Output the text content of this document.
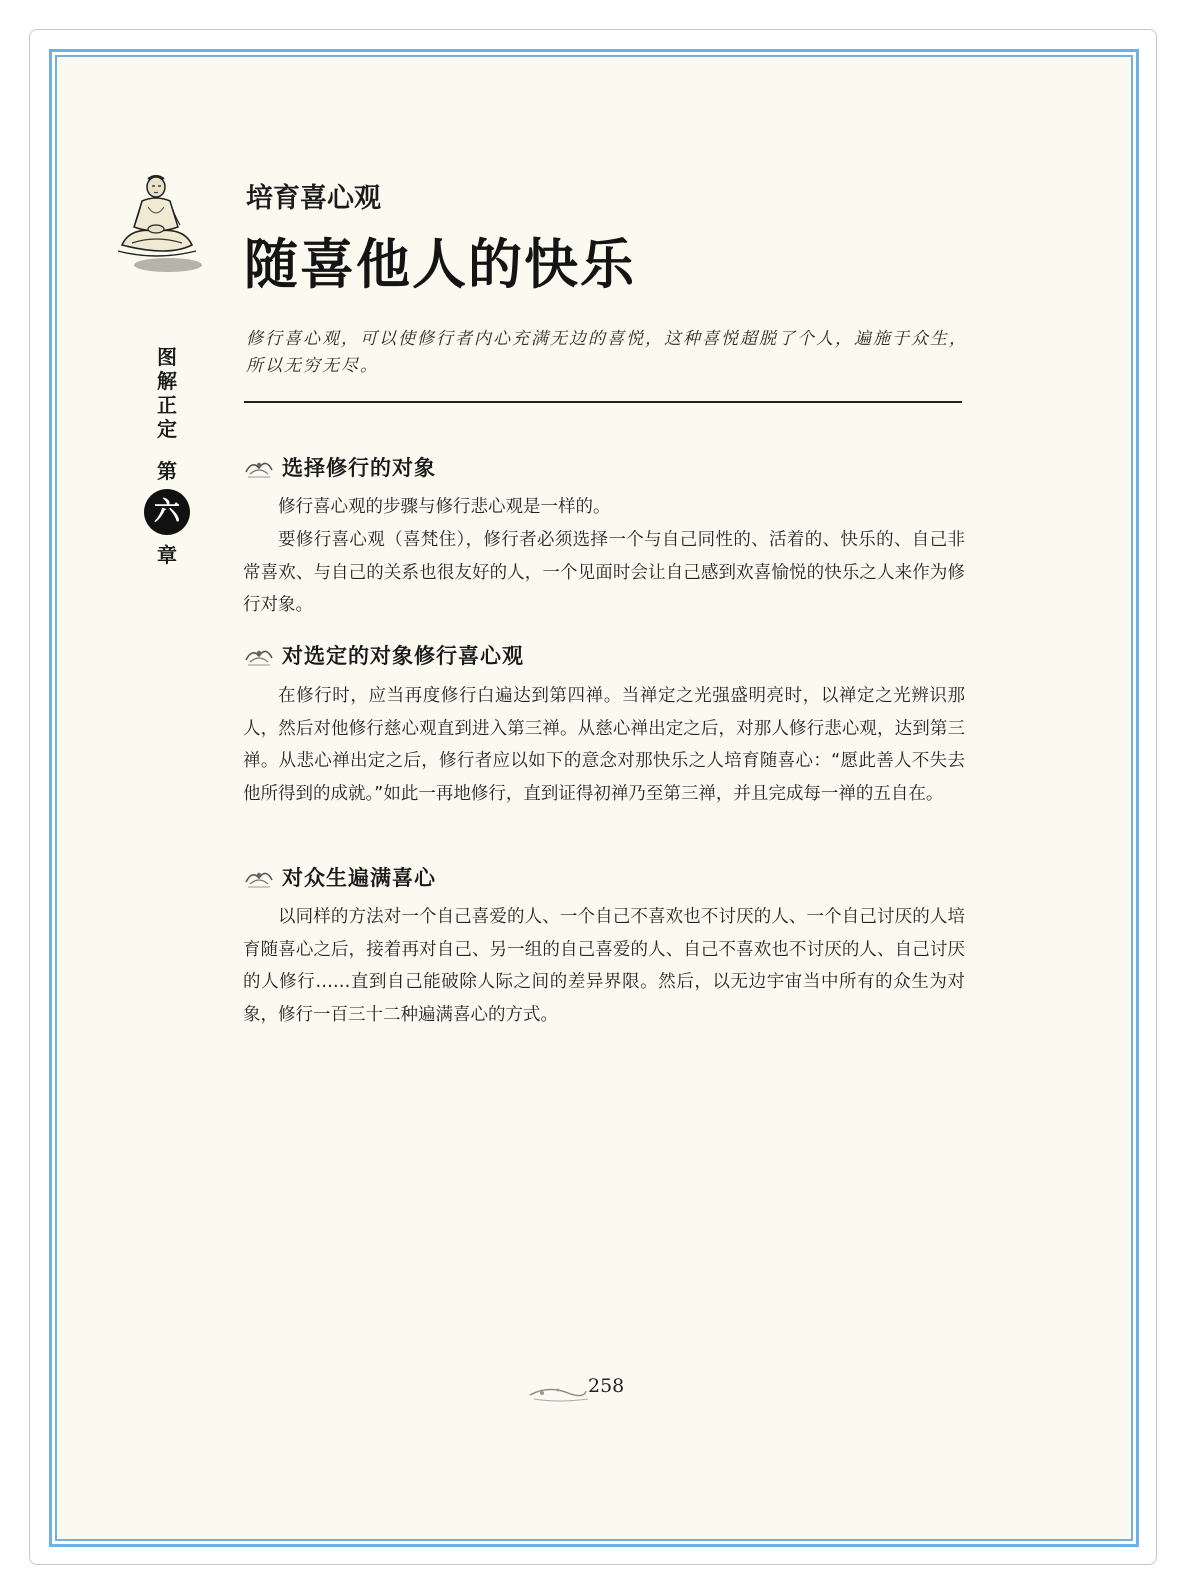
图
解
正
定
第
六
章
培育喜心观
随喜他人的快乐
修行喜心观，可以使修行者内心充满无边的喜悦，这种喜悦超脱了个人，遍施于众生，所以无穷无尽。
选择修行的对象

修行喜心观的步骤与修行悲心观是一样的。

要修行喜心观（喜梵住），修行者必须选择一个与自己同性的、活着的、快乐的、自己非常喜欢、与自己的关系也很友好的人，一个见面时会让自己感到欢喜愉悦的快乐之人来作为修行对象。

对选定的对象修行喜心观

在修行时，应当再度修行白遍达到第四禅。当禅定之光强盛明亮时，以禅定之光辨识那人，然后对他修行慈心观直到进入第三禅。从慈心禅出定之后，对那人修行悲心观，达到第三禅。从悲心禅出定之后，修行者应以如下的意念对那快乐之人培育随喜心：“愿此善人不失去他所得到的成就。”如此一再地修行，直到证得初禅乃至第三禅，并且完成每一禅的五自在。

对众生遍满喜心

以同样的方法对一个自己喜爱的人、一个自己不喜欢也不讨厌的人、一个自己讨厌的人培育随喜心之后，接着再对自己、另一组的自己喜爱的人、自己不喜欢也不讨厌的人、自己讨厌的人修行……直到自己能破除人际之间的差异界限。然后，以无边宇宙当中所有的众生为对象，修行一百三十二种遍满喜心的方式。

258
